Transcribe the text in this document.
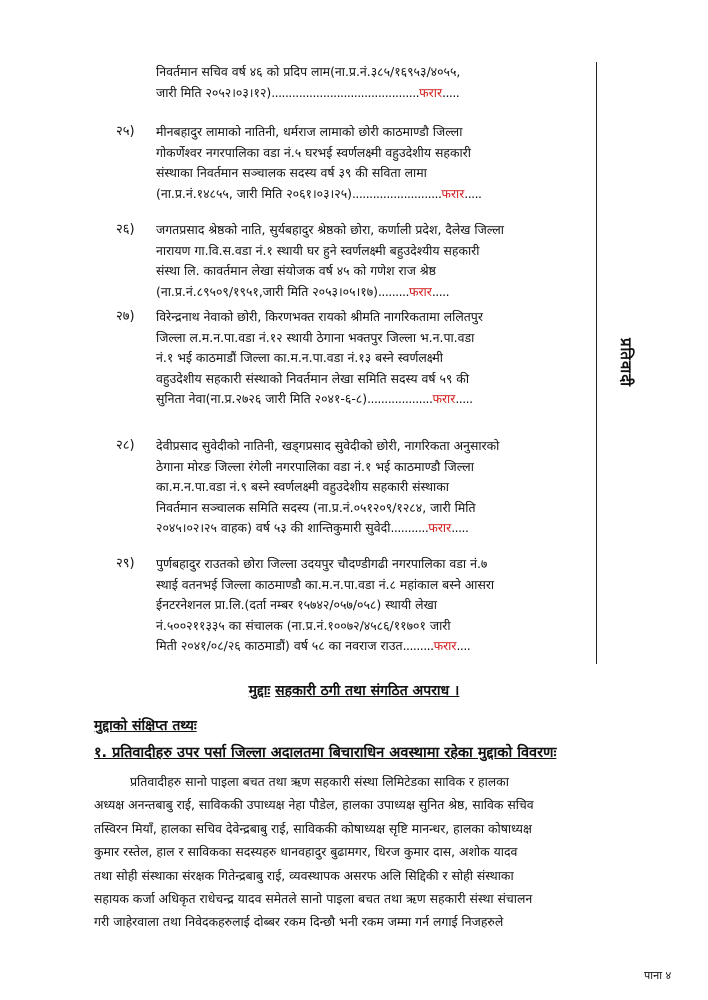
निवर्तमान सचिव वर्ष ४६ को प्रदिप लाम(ना.प्र.नं.३८५/१६९५३/४०५५,
जारी मिति २०५२।०३।१२)...........................................फरार.....
२५) मीनबहादुर लामाको नातिनी, धर्मराज लामाको छोरी काठमाण्डौ जिल्ला
गोकर्णेश्वर नगरपालिका वडा नं.५ घरभई स्वर्णलक्ष्मी वहुउदेशीय सहकारी
संस्थाका निवर्तमान सञ्चालक सदस्य वर्ष ३९ की सविता लामा
(ना.प्र.नं.१४८५५, जारी मिति २०६१।०३।२५)..........................फरार.....
२६) जगतप्रसाद श्रेष्ठको नाति, सुर्यबहादुर श्रेष्ठको छोरा, कर्णाली प्रदेश, दैलेख जिल्ला
नारायण गा.वि.स.वडा नं.१ स्थायी घर हुने स्वर्णलक्ष्मी बहुउदेश्यीय सहकारी
संस्था लि. कावर्तमान लेखा संयोजक वर्ष ४५ को गणेश राज श्रेष्ठ
(ना.प्र.नं.८९५०९/१९५१,जारी मिति २०५३।०५।१७).........फरार.....
२७) विरेन्द्रनाथ नेवाको छोरी, किरणभक्त रायको श्रीमति नागरिकतामा ललितपुर
जिल्ला ल.म.न.पा.वडा नं.१२ स्थायी ठेगाना भक्तपुर जिल्ला भ.न.पा.वडा
नं.१ भई काठमाडौं जिल्ला का.म.न.पा.वडा नं.१३ बस्ने स्वर्णलक्ष्मी
वहुउदेशीय सहकारी संस्थाको निवर्तमान लेखा समिति सदस्य वर्ष ५९ की
सुनिता नेवा(ना.प्र.२७२६ जारी मिति २०४१-६-८)...................फरार.....
२८) देवीप्रसाद सुवेदीको नातिनी, खड्गप्रसाद सुवेदीको छोरी, नागरिकता अनुसारको
ठेगाना मोरङ जिल्ला रंगेली नगरपालिका वडा नं.१ भई काठमाण्डौ जिल्ला
का.म.न.पा.वडा नं.९ बस्ने स्वर्णलक्ष्मी वहुउदेशीय सहकारी संस्थाका
निवर्तमान सञ्चालक समिति सदस्य (ना.प्र.नं.०५१२०९/१२८४, जारी मिति
२०४५।०२।२५ वाहक) वर्ष ५३ की शान्तिकुमारी सुवेदी...........फरार.....
२९) पुर्णबहादुर राउतको छोरा जिल्ला उदयपुर चौदण्डीगढी नगरपालिका वडा नं.७
स्थाई वतनभई जिल्ला काठमाण्डौ का.म.न.पा.वडा नं.८ महांकाल बस्ने आसरा
ईनटरनेशनल प्रा.लि.(दर्ता नम्बर १५७४२/०५७/०५८) स्थायी लेखा
नं.५००२११३३५ का संचालक (ना.प्र.नं.१००७२/४५८६/११७०१ जारी
मिती २०४१/०८/२६ काठमाडौं) वर्ष ५८ का नवराज राउत.........फरार....
प्रतिवादी
मुद्दाः सहकारी ठगी तथा संगठित अपराध ।
मुद्दाको संक्षिप्त तथ्यः
१. प्रतिवादीहरु उपर पर्सा जिल्ला अदालतमा बिचाराधिन अवस्थामा रहेका मुद्दाको विवरणः
प्रतिवादीहरु सानो पाइला बचत तथा ऋण सहकारी संस्था लिमिटेडका साविक र हालका
अध्यक्ष अनन्तबाबु राई, साविककी उपाध्यक्ष नेहा पौडेल, हालका उपाध्यक्ष सुनित श्रेष्ठ, साविक सचिव
तस्विरन मियाँ, हालका सचिव देवेन्द्रबाबु राई, साविककी कोषाध्यक्ष सृष्टि मानन्धर, हालका कोषाध्यक्ष
कुमार रस्तेल, हाल र साविकका सदस्यहरु धानवहादुर बुढामगर, धिरज कुमार दास, अशोक यादव
तथा सोही संस्थाका संरक्षक गितेन्द्रबाबु राई, व्यवस्थापक असरफ अलि सिद्दिकी र सोही संस्थाका
सहायक कर्जा अधिकृत राधेचन्द्र यादव समेतले सानो पाइला बचत तथा ऋण सहकारी संस्था संचालन
गरी जाहेरवाला तथा निवेदकहरुलाई दोब्बर रकम दिन्छौ भनी रकम जम्मा गर्न लगाई निजहरुले
पाना ४
